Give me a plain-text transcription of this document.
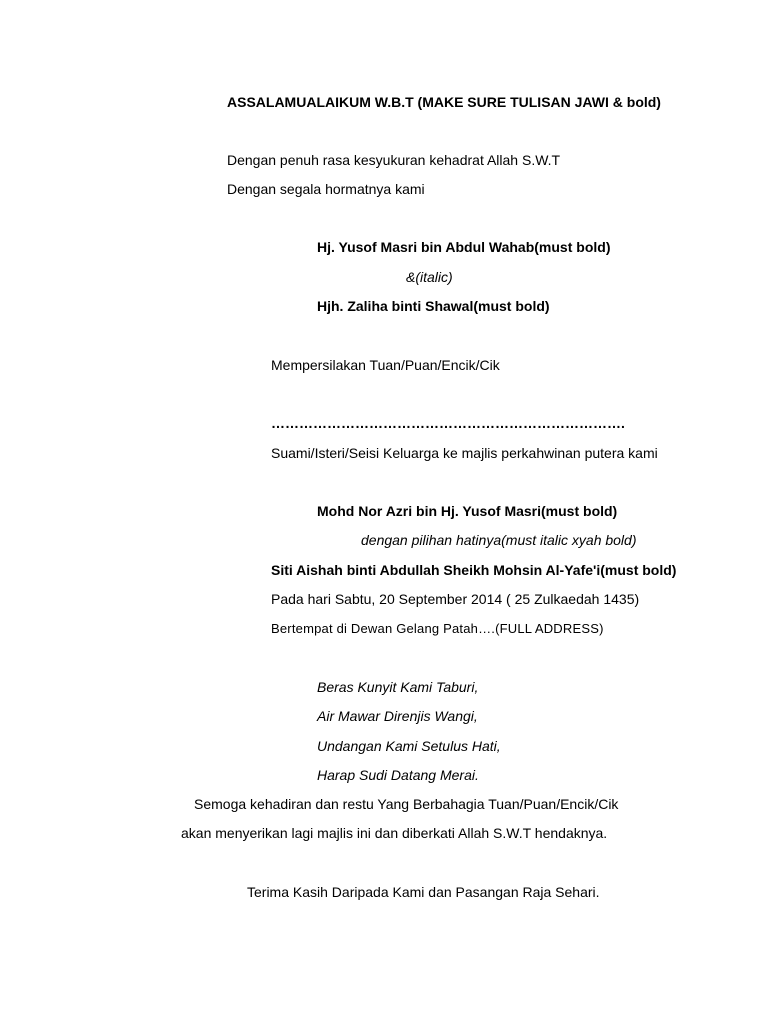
ASSALAMUALAIKUM W.B.T (MAKE SURE TULISAN JAWI & bold)
Dengan penuh rasa kesyukuran kehadrat Allah S.W.T
Dengan segala hormatnya kami
Hj. Yusof Masri bin Abdul Wahab(must bold)
&(italic)
Hjh. Zaliha binti Shawal(must bold)
Mempersilakan Tuan/Puan/Encik/Cik
………………………………………………………………….
Suami/Isteri/Seisi Keluarga ke majlis perkahwinan putera kami
Mohd Nor Azri bin Hj. Yusof Masri(must bold)
dengan pilihan hatinya(must italic xyah bold)
Siti Aishah binti Abdullah Sheikh Mohsin Al-Yafe'i(must bold)
Pada hari Sabtu, 20 September 2014 ( 25 Zulkaedah 1435)
Bertempat di Dewan Gelang Patah….(FULL ADDRESS)
Beras Kunyit Kami Taburi,
Air Mawar Direnjis Wangi,
Undangan Kami Setulus Hati,
Harap Sudi Datang Merai.
Semoga kehadiran dan restu Yang Berbahagia Tuan/Puan/Encik/Cik
akan menyerikan lagi majlis ini dan diberkati Allah S.W.T hendaknya.
Terima Kasih Daripada Kami dan Pasangan Raja Sehari.
